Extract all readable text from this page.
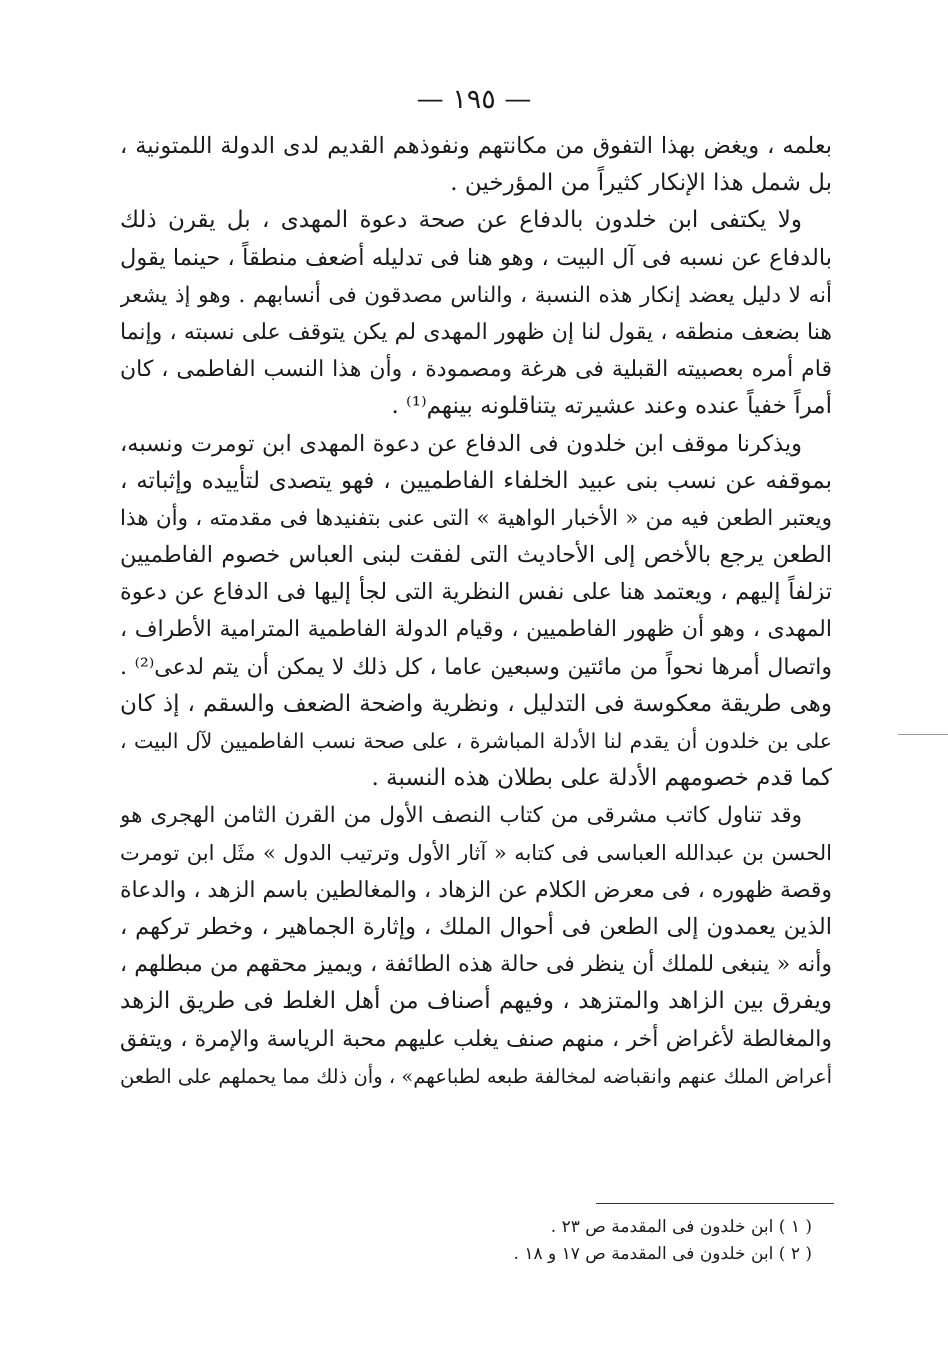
— ١٩٥ —
بعلمه ، ويغض بهذا التفوق من مكانتهم ونفوذهم القديم لدى الدولة اللمتونية ،
بل شمل هذا الإنكار كثيراً من المؤرخين .
ولا يكتفى ابن خلدون بالدفاع عن صحة دعوة المهدى ، بل يقرن ذلك
بالدفاع عن نسبه فى آل البيت ، وهو هنا فى تدليله أضعف منطقاً ، حينما يقول
أنه لا دليل يعضد إنكار هذه النسبة ، والناس مصدقون فى أنسابهم . وهو إذ يشعر
هنا بضعف منطقه ، يقول لنا إن ظهور المهدى لم يكن يتوقف على نسبته ، وإنما
قام أمره بعصبيته القبلية فى هرغة ومصمودة ، وأن هذا النسب الفاطمى ، كان
أمراً خفياً عنده وعند عشيرته يتناقلونه بينهم⁽¹⁾ .
ويذكرنا موقف ابن خلدون فى الدفاع عن دعوة المهدى ابن تومرت ونسبه،
بموقفه عن نسب بنى عبيد الخلفاء الفاطميين ، فهو يتصدى لتأييده وإثباته ،
ويعتبر الطعن فيه من « الأخبار الواهية » التى عنى بتفنيدها فى مقدمته ، وأن هذا
الطعن يرجع بالأخص إلى الأحاديث التى لفقت لبنى العباس خصوم الفاطميين
تزلفاً إليهم ، ويعتمد هنا على نفس النظرية التى لجأ إليها فى الدفاع عن دعوة
المهدى ، وهو أن ظهور الفاطميين ، وقيام الدولة الفاطمية المترامية الأطراف ،
واتصال أمرها نحواً من مائتين وسبعين عاما ، كل ذلك لا يمكن أن يتم لدعى⁽²⁾ .
وهى طريقة معكوسة فى التدليل ، ونظرية واضحة الضعف والسقم ، إذ كان
على بن خلدون أن يقدم لنا الأدلة المباشرة ، على صحة نسب الفاطميين لآل البيت ،
كما قدم خصومهم الأدلة على بطلان هذه النسبة .
وقد تناول كاتب مشرقى من كتاب النصف الأول من القرن الثامن الهجرى هو
الحسن بن عبدالله العباسى فى كتابه « آثار الأول وترتيب الدول » مثَل ابن تومرت
وقصة ظهوره ، فى معرض الكلام عن الزهاد ، والمغالطين باسم الزهد ، والدعاة
الذين يعمدون إلى الطعن فى أحوال الملك ، وإثارة الجماهير ، وخطر تركهم ،
وأنه « ينبغى للملك أن ينظر فى حالة هذه الطائفة ، ويميز محقهم من مبطلهم ،
ويفرق بين الزاهد والمتزهد ، وفيهم أصناف من أهل الغلط فى طريق الزهد
والمغالطة لأغراض أخر ، منهم صنف يغلب عليهم محبة الرياسة والإمرة ، ويتفق
أعراض الملك عنهم وانقباضه لمخالفة طبعه لطباعهم» ، وأن ذلك مما يحملهم على الطعن
( ١ ) ابن خلدون فى المقدمة ص ٢٣ .
( ٢ ) ابن خلدون فى المقدمة ص ١٧ و ١٨ .
